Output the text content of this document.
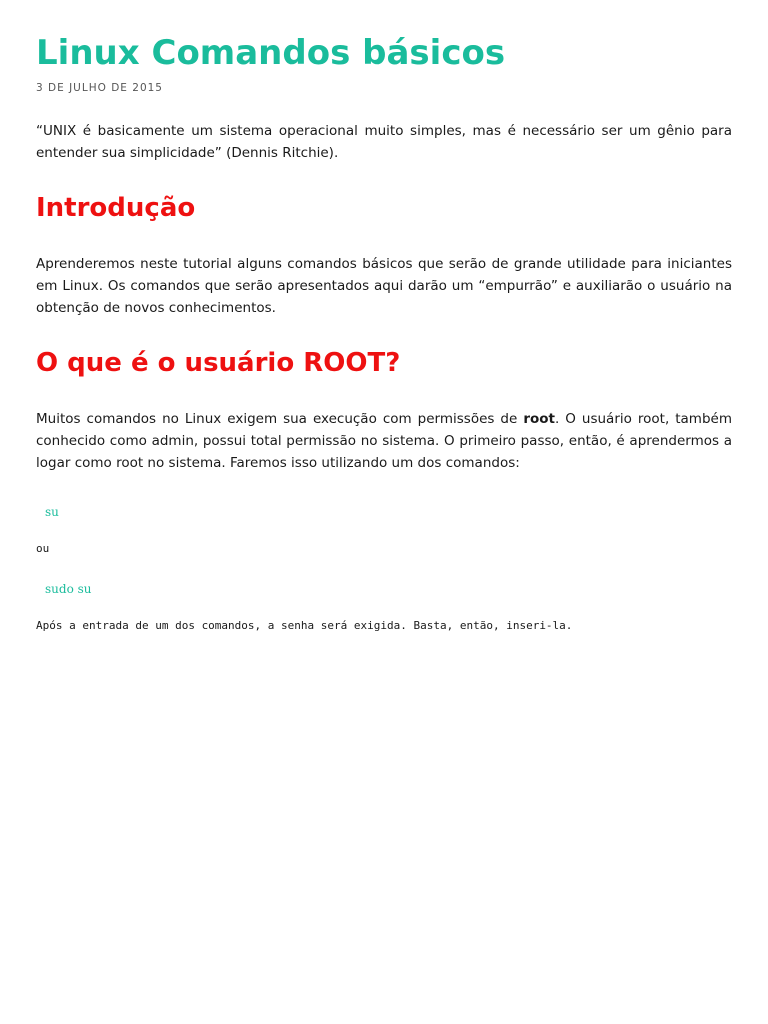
Linux Comandos básicos
3 DE JULHO DE 2015

“UNIX é basicamente um sistema operacional muito simples, mas é necessário ser um gênio para entender sua simplicidade” (Dennis Ritchie).

Introdução

Aprenderemos neste tutorial alguns comandos básicos que serão de grande utilidade para iniciantes em Linux. Os comandos que serão apresentados aqui darão um “empurrão” e auxiliarão o usuário na obtenção de novos conhecimentos.

O que é o usuário ROOT?

Muitos comandos no Linux exigem sua execução com permissões de root. O usuário root, também conhecido como admin, possui total permissão no sistema. O primeiro passo, então, é aprendermos a logar como root no sistema. Faremos isso utilizando um dos comandos:

su
ou
sudo su
Após a entrada de um dos comandos, a senha será exigida. Basta, então, inseri-la.
